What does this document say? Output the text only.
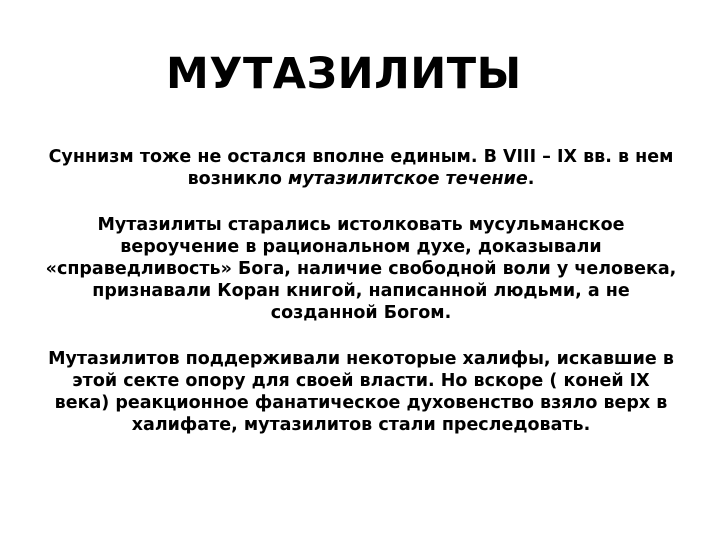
МУТАЗИЛИТЫ

Суннизм тоже не остался вполне единым. В VIII – IX вв. в нем возникло мутазилитское течение.

Мутазилиты старались истолковать мусульманское вероучение в рациональном духе, доказывали «справедливость» Бога, наличие свободной воли у человека, признавали Коран книгой, написанной людьми, а не созданной Богом.

Мутазилитов поддерживали некоторые халифы, искавшие в этой секте опору для своей власти. Но вскоре ( коней IX века) реакционное фанатическое духовенство взяло верх в халифате, мутазилитов стали преследовать.
